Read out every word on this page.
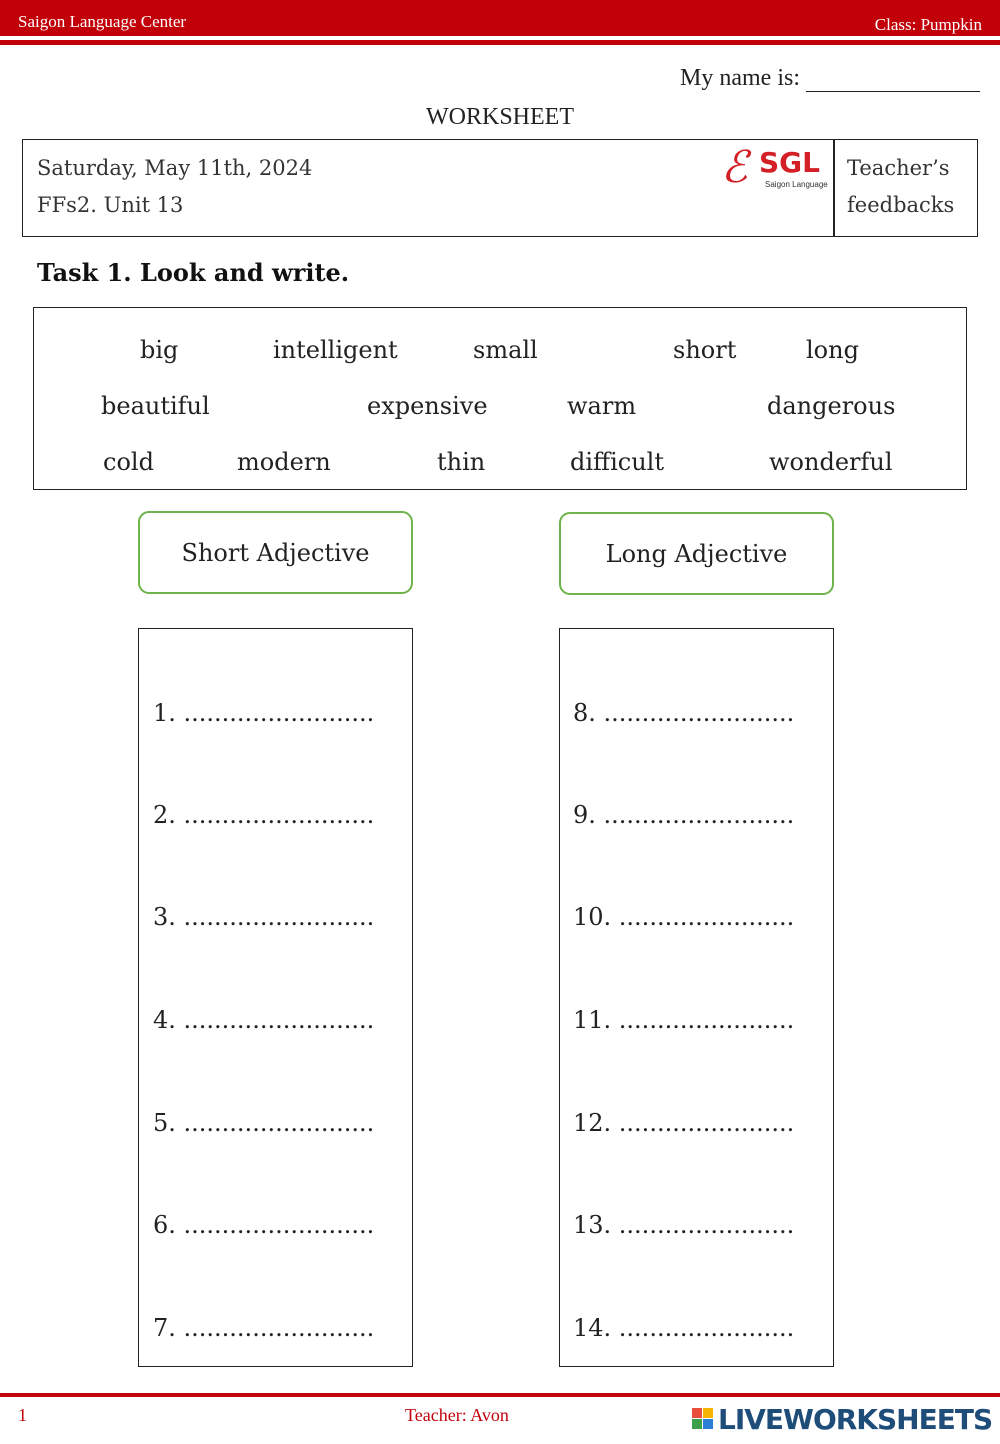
Saigon Language Center	Class: Pumpkin
My name is:
WORKSHEET
Saturday, May 11th, 2024
FFs2. Unit 13
ℰ SGL
Saigon Language
Teacher’s
feedbacks
Task 1. Look and write.
big	intelligent	small	short	long
beautiful	expensive	warm	dangerous
cold	modern	thin	difficult	wonderful
Short Adjective	Long Adjective
1. .........................
2. .........................
3. .........................
4. .........................
5. .........................
6. .........................
7. .........................
8. .........................
9. .........................
10. .......................
11. .......................
12. .......................
13. .......................
14. .......................
1	Teacher: Avon	LIVEWORKSHEETS
